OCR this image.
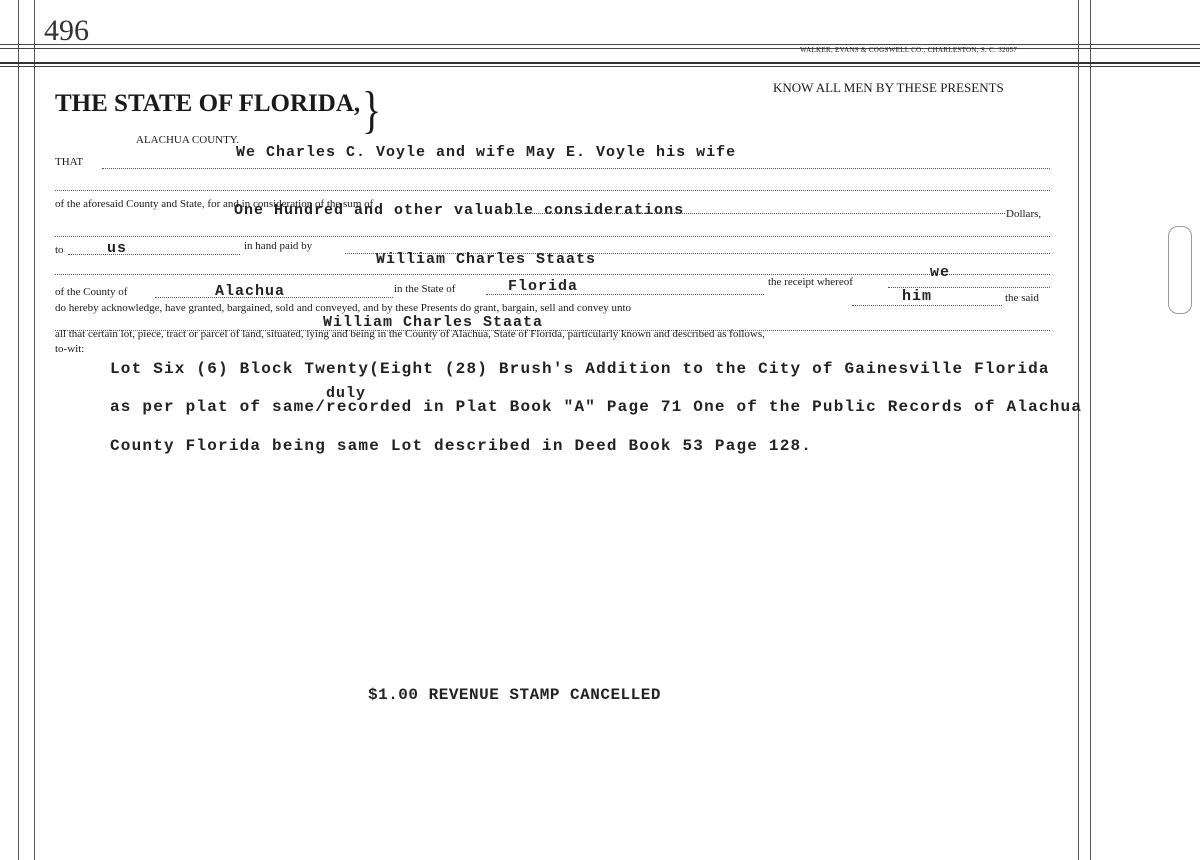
496
WALKER, EVANS & COGSWELL CO., CHARLESTON, S. C. 32057
THE STATE OF FLORIDA, }	KNOW ALL MEN BY THESE PRESENTS
ALACHUA COUNTY.
THAT
We Charles C. Voyle and wife May E. Voyle his wife
of the aforesaid County and State, for and in consideration of the sum of
One Hundred and other valuable considerations	Dollars,
to	us	in hand paid by
William Charles Staats
of the County of	Alachua	in the State of	Florida	the receipt whereof
we
do hereby acknowledge, have granted, bargained, sold and conveyed, and by these Presents do grant, bargain, sell and convey unto
him	the said
William Charles Staata
all that certain lot, piece, tract or parcel of land, situated, lying and being in the County of Alachua, State of Florida, particularly known and described as follows,
to-wit:
Lot Six (6) Block Twenty(Eight (28) Brush's Addition to the City of Gainesville Florida
duly
as per plat of same/recorded in Plat Book "A" Page 71 One of the Public Records of Alachua
County Florida being same Lot described in Deed Book 53 Page 128.
$1.00 REVENUE STAMP CANCELLED
